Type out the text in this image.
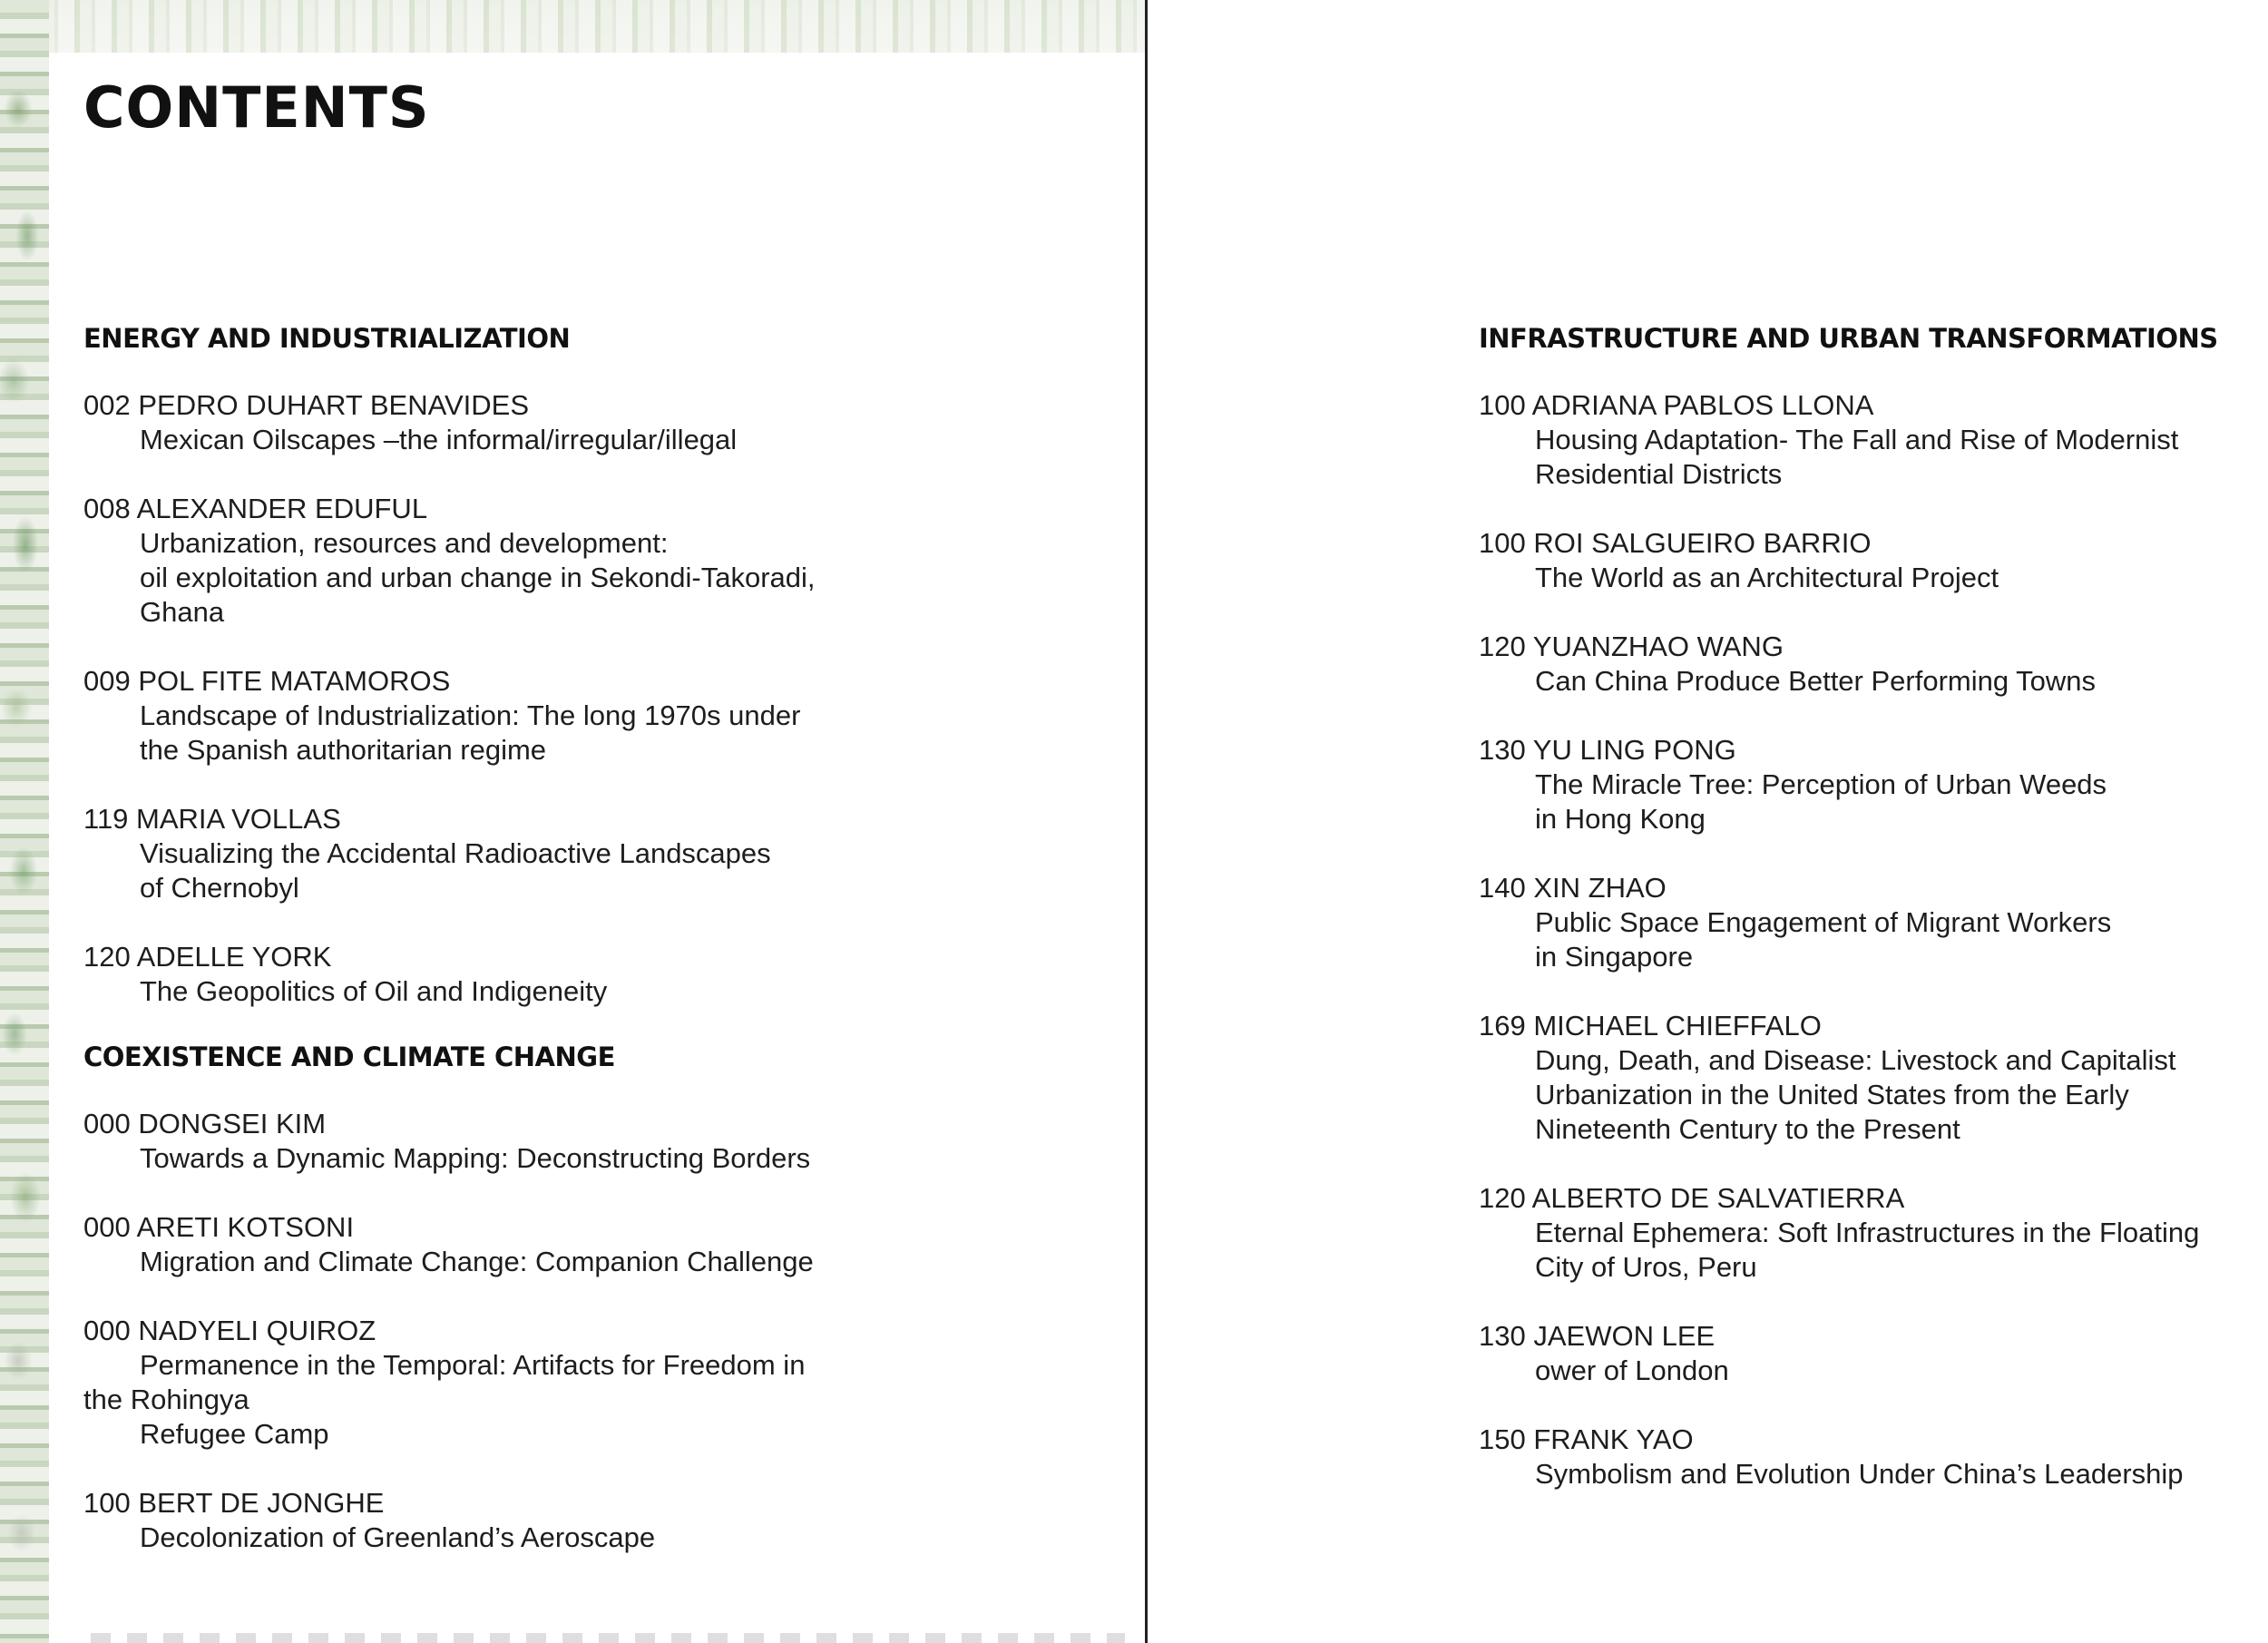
CONTENTS
ENERGY AND INDUSTRIALIZATION
002 PEDRO DUHART BENAVIDES
Mexican Oilscapes –the informal/irregular/illegal
008 ALEXANDER EDUFUL
Urbanization, resources and development:
oil exploitation and urban change in Sekondi-Takoradi,
Ghana
009 POL FITE MATAMOROS
Landscape of Industrialization: The long 1970s under
the Spanish authoritarian regime
119 MARIA VOLLAS
Visualizing the Accidental Radioactive Landscapes
of Chernobyl
120 ADELLE YORK
The Geopolitics of Oil and Indigeneity
COEXISTENCE AND CLIMATE CHANGE
000 DONGSEI KIM
Towards a Dynamic Mapping: Deconstructing Borders
000 ARETI KOTSONI
Migration and Climate Change: Companion Challenge
000 NADYELI QUIROZ
Permanence in the Temporal: Artifacts for Freedom in
the Rohingya
Refugee Camp
100 BERT DE JONGHE
Decolonization of Greenland’s Aeroscape
INFRASTRUCTURE AND URBAN TRANSFORMATIONS
100 ADRIANA PABLOS LLONA
Housing Adaptation- The Fall and Rise of Modernist
Residential Districts
100 ROI SALGUEIRO BARRIO
The World as an Architectural Project
120 YUANZHAO WANG
Can China Produce Better Performing Towns
130 YU LING PONG
The Miracle Tree: Perception of Urban Weeds
in Hong Kong
140 XIN ZHAO
Public Space Engagement of Migrant Workers
in Singapore
169 MICHAEL CHIEFFALO
Dung, Death, and Disease: Livestock and Capitalist
Urbanization in the United States from the Early
Nineteenth Century to the Present
120 ALBERTO DE SALVATIERRA
Eternal Ephemera: Soft Infrastructures in the Floating
City of Uros, Peru
130 JAEWON LEE
ower of London
150 FRANK YAO
Symbolism and Evolution Under China’s Leadership
